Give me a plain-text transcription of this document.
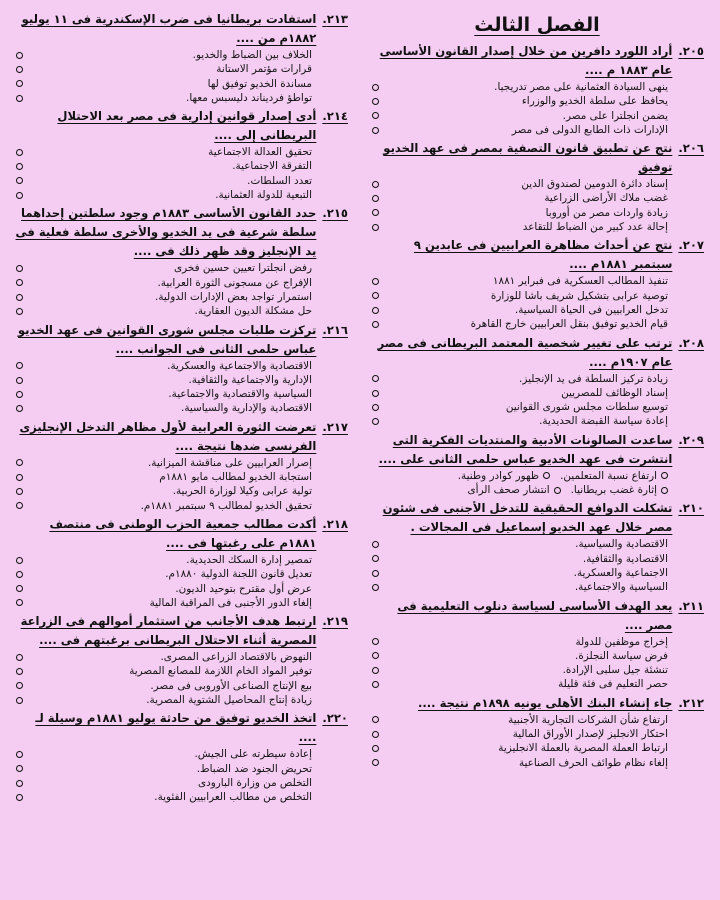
الفصل الثالث
٢٠٥.
أراد اللورد دافرين من خلال إصدار القانون الأساسى عام ١٨٨٣ م ....
ينهى السيادة العثمانية على مصر تدريجيا.
يحافظ على سلطة الخديو والوزراء
يضمن انجلترا على مصر.
الإدارات ذات الطابع الدولى فى مصر
٢٠٦.
نتج عن تطبيق قانون التصفية بمصر فى عهد الخديو توفيق
إسناد دائرة الدومين لصندوق الدين
غضب ملاك الأراضى الزراعية
زيادة واردات مصر من أوروبا
إحالة عدد كبير من الضباط للتقاعد
٢٠٧.
نتج عن أحداث مظاهرة العرابيين فى عابدين ٩ سبتمبر ١٨٨١م ....
تنفيذ المطالب العسكرية فى فبراير ١٨٨١
توصية عرابى بتشكيل شريف باشا للوزارة
تدخل العرابيين فى الحياة السياسية.
قيام الخديو توفيق بنقل العرابيين خارج القاهرة
٢٠٨.
ترتب على تغيير شخصية المعتمد البريطانى فى مصر عام ١٩٠٧م ....
زيادة تركيز السلطة فى يد الإنجليز.
إسناد الوظائف للمصريين
توسيع سلطات مجلس شورى القوانين
إعادة سياسة القبضة الحديدية.
٢٠٩.
ساعدت الصالونات الأدبية والمنتديات الفكرية التى انتشرت فى عهد الخديو عباس حلمى الثانى على ....
ارتفاع نسبة المتعلمين.
ظهور كوادر وطنية.
إثارة غضب بريطانيا.
انتشار صحف الرأى
٢١٠.
تشكلت الدوافع الحقيقية للتدخل الأجنبى فى شئون مصر خلال عهد الخديو إسماعيل فى المجالات .
الاقتصادية والسياسية.
الاقتصادية والثقافية.
الاجتماعية والعسكرية.
السياسية والاجتماعية.
٢١١.
يعد الهدف الأساسى لسياسة دنلوب التعليمية فى مصر ....
إخراج موظفين للدولة
فرض سياسة النجلزة.
تنشئة جيل سلبى الإرادة.
حصر التعليم فى فئة قليلة
٢١٢.
جاء إنشاء البنك الأهلى يونيه ١٨٩٨م نتيجة ....
ارتفاع شأن الشركات التجارية الأجنبية
احتكار الانجليز لإصدار الأوراق المالية
ارتباط العملة المصرية بالعملة الانجليزية
إلغاء نظام طوائف الحرف الصناعية
٢١٣.
استفادت بريطانيا فى ضرب الإسكندرية فى ١١ يوليو ١٨٨٢م من ....
الخلاف بين الضباط والخديو.
قرارات مؤتمر الاستانة
مساندة الخديو توفيق لها
تواطؤ فرديناند دليسبس معها.
٢١٤.
أدى إصدار قوانين إدارية فى مصر بعد الاحتلال البريطانى إلى ....
تحقيق العدالة الاجتماعية
التفرقة الاجتماعية.
تعدد السلطات.
التبعية للدولة العثمانية.
٢١٥.
حدد القانون الأساسى ١٨٨٣م وجود سلطتين إحداهما سلطة شرعية فى يد الخديو والأخرى سلطة فعلية فى يد الإنجليز وقد ظهر ذلك فى ....
رفض انجلترا تعيين حسين فخرى
الإفراج عن مسجونى الثورة العرابية.
استمرار تواجد بعض الإدارات الدولية.
حل مشكلة الديون العقارية.
٢١٦.
تركزت طلبات مجلس شورى القوانين فى عهد الخديو عباس حلمى الثانى فى الجوانب ....
الاقتصادية والاجتماعية والعسكرية.
الإدارية والاجتماعية والثقافية.
السياسية والاقتصادية والاجتماعية.
الاقتصادية والإدارية والسياسية.
٢١٧.
تعرضت الثورة العرابية لأول مظاهر التدخل الإنجليزى الفرنسى ضدها نتيجة ....
إصرار العرابيين على مناقشة الميزانية.
استجابة الخديو لمطالب مايو ١٨٨١م
تولية عرابى وكيلا لوزارة الحربية.
تحقيق الخديو لمطالب ٩ سبتمبر ١٨٨١م.
٢١٨.
أكدت مطالب جمعية الحزب الوطنى فى منتصف ١٨٨١م على رغبتها فى ....
تمصير إدارة السكك الحديدية.
تعديل قانون اللجنة الدولية ١٨٨٠م.
عرض أول مقترح بتوحيد الديون.
إلغاء الدور الأجنبى فى المراقبة المالية
٢١٩.
ارتبط هدف الأجانب من استثمار أموالهم فى الزراعة المصرية أثناء الاحتلال البريطانى برغبتهم فى ....
النهوض بالاقتصاد الزراعى المصرى.
توفير المواد الخام اللازمة للمصانع المصرية
بيع الإنتاج الصناعى الأوروبى فى مصر.
زيادة إنتاج المحاصيل الشتوية المصرية.
٢٢٠.
اتخذ الخديو توفيق من حادثة يوليو ١٨٨١م وسيلة لـ ....
إعادة سيطرته على الجيش.
تحريض الجنود ضد الضباط.
التخلص من وزارة البارودى
التخلص من مطالب العرابيين الفئوية.
